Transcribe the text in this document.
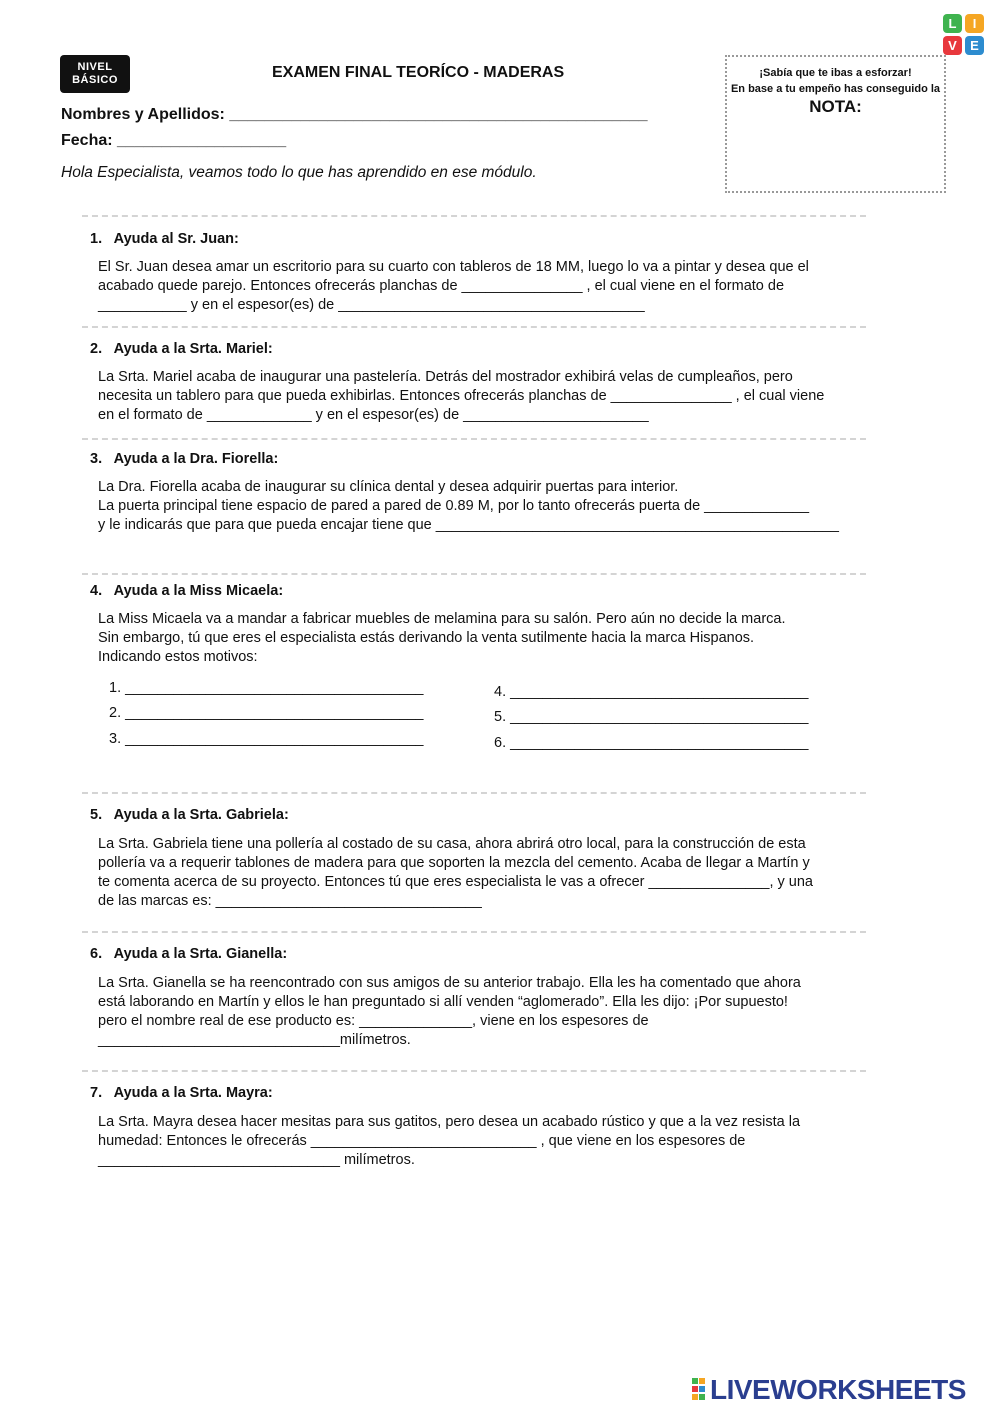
NIVEL
BÁSICO	EXAMEN FINAL TEORÍCO - MADERAS
Nombres y Apellidos: _______________________________________________
Fecha: ___________________
Hola Especialista, veamos todo lo que has aprendido en ese módulo.
¡Sabía que te ibas a esforzar!
En base a tu empeño has conseguido la
NOTA:
L	I
V	E
1. Ayuda al Sr. Juan:
El Sr. Juan desea amar un escritorio para su cuarto con tableros de 18 MM, luego lo va a pintar y desea que el
acabado quede parejo. Entonces ofrecerás planchas de _______________ , el cual viene en el formato de
___________ y en el espesor(es) de ______________________________________
2. Ayuda a la Srta. Mariel:
La Srta. Mariel acaba de inaugurar una pastelería. Detrás del mostrador exhibirá velas de cumpleaños, pero
necesita un tablero para que pueda exhibirlas. Entonces ofrecerás planchas de _______________ , el cual viene
en el formato de _____________ y en el espesor(es) de _______________________
3. Ayuda a la Dra. Fiorella:
La Dra. Fiorella acaba de inaugurar su clínica dental y desea adquirir puertas para interior.
La puerta principal tiene espacio de pared a pared de 0.89 M, por lo tanto ofrecerás puerta de _____________
y le indicarás que para que pueda encajar tiene que __________________________________________________
4. Ayuda a la Miss Micaela:
La Miss Micaela va a mandar a fabricar muebles de melamina para su salón. Pero aún no decide la marca.
Sin embargo, tú que eres el especialista estás derivando la venta sutilmente hacia la marca Hispanos.
Indicando estos motivos:
1. _____________________________________
2. _____________________________________
3. _____________________________________
4. _____________________________________
5. _____________________________________
6. _____________________________________
5. Ayuda a la Srta. Gabriela:
La Srta. Gabriela tiene una pollería al costado de su casa, ahora abrirá otro local, para la construcción de esta
pollería va a requerir tablones de madera para que soporten la mezcla del cemento. Acaba de llegar a Martín y
te comenta acerca de su proyecto. Entonces tú que eres especialista le vas a ofrecer _______________, y una
de las marcas es: _________________________________
6. Ayuda a la Srta. Gianella:
La Srta. Gianella se ha reencontrado con sus amigos de su anterior trabajo. Ella les ha comentado que ahora
está laborando en Martín y ellos le han preguntado si allí venden “aglomerado”. Ella les dijo: ¡Por supuesto!
pero el nombre real de ese producto es: ______________, viene en los espesores de
______________________________milímetros.
7. Ayuda a la Srta. Mayra:
La Srta. Mayra desea hacer mesitas para sus gatitos, pero desea un acabado rústico y que a la vez resista la
humedad: Entonces le ofrecerás ____________________________ , que viene en los espesores de
______________________________ milímetros.
LIVEWORKSHEETS
